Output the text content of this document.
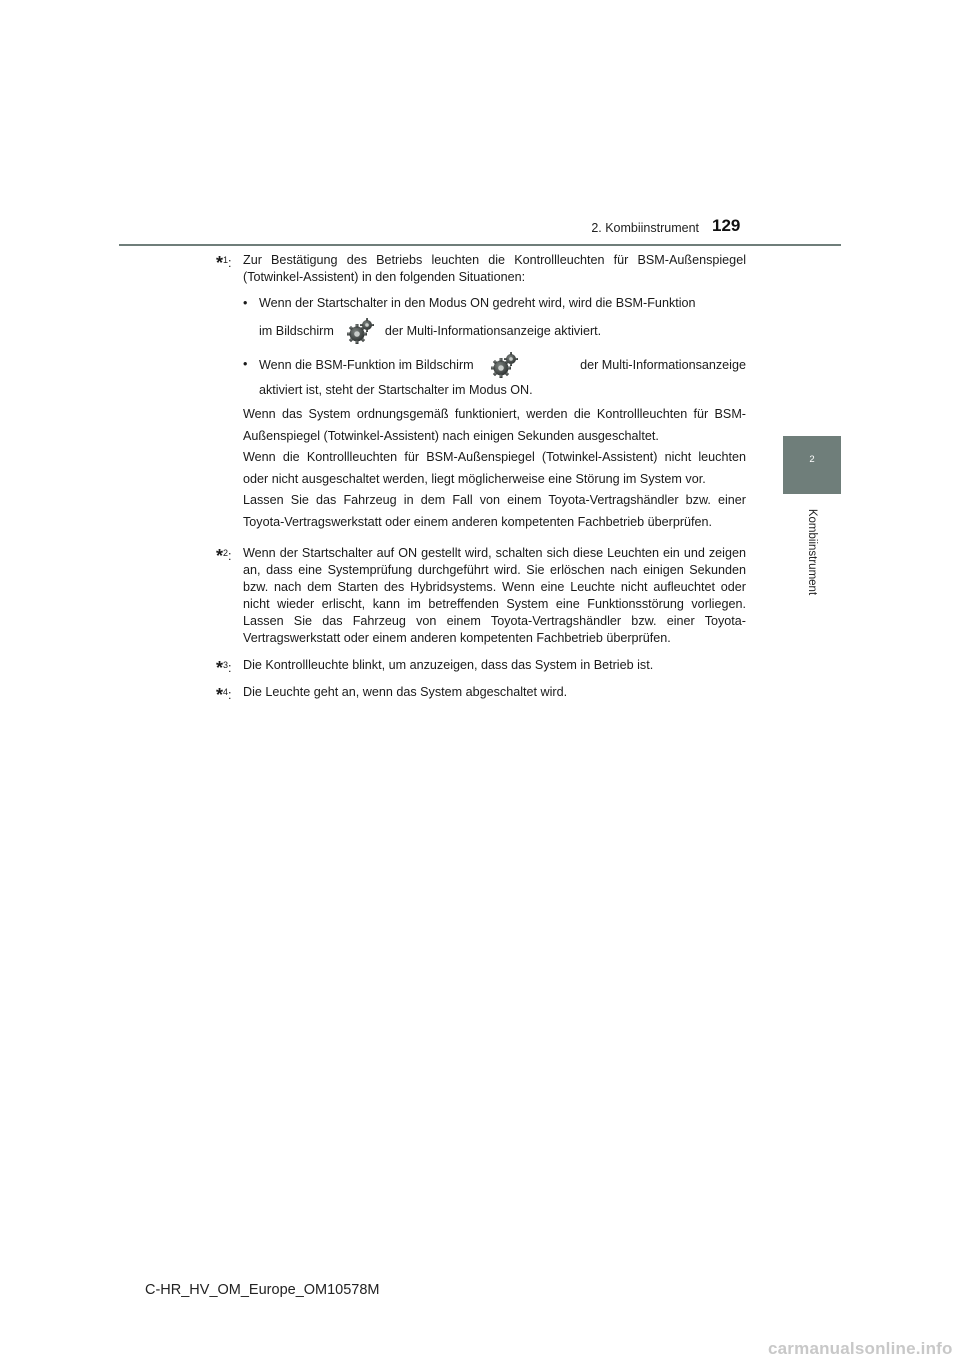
2. Kombiinstrument 129
2
Kombiinstrument
*$^1$: Zur Bestätigung des Betriebs leuchten die Kontrollleuchten für BSM-Außenspiegel (Totwinkel-Assistent) in den folgenden Situationen:
• Wenn der Startschalter in den Modus ON gedreht wird, wird die BSM-Funktion
im Bildschirm	der Multi-Informationsanzeige aktiviert.
• Wenn die BSM-Funktion im Bildschirm	der Multi-Informationsanzeige
aktiviert ist, steht der Startschalter im Modus ON.
Wenn das System ordnungsgemäß funktioniert, werden die Kontrollleuchten für BSM-Außenspiegel (Totwinkel-Assistent) nach einigen Sekunden ausgeschaltet.
Wenn die Kontrollleuchten für BSM-Außenspiegel (Totwinkel-Assistent) nicht leuchten oder nicht ausgeschaltet werden, liegt möglicherweise eine Störung im System vor.
Lassen Sie das Fahrzeug in dem Fall von einem Toyota-Vertragshändler bzw. einer Toyota-Vertragswerkstatt oder einem anderen kompetenten Fachbetrieb überprüfen.
*$^2$: Wenn der Startschalter auf ON gestellt wird, schalten sich diese Leuchten ein und zeigen an, dass eine Systemprüfung durchgeführt wird. Sie erlöschen nach einigen Sekunden bzw. nach dem Starten des Hybridsystems. Wenn eine Leuchte nicht aufleuchtet oder nicht wieder erlischt, kann im betreffenden System eine Funktionsstörung vorliegen. Lassen Sie das Fahrzeug von einem Toyota-Vertragshändler bzw. einer Toyota-Vertragswerkstatt oder einem anderen kompetenten Fachbetrieb überprüfen.
*$^3$: Die Kontrollleuchte blinkt, um anzuzeigen, dass das System in Betrieb ist.
*$^4$: Die Leuchte geht an, wenn das System abgeschaltet wird.
C-HR_HV_OM_Europe_OM10578M
carmanualsonline.info
